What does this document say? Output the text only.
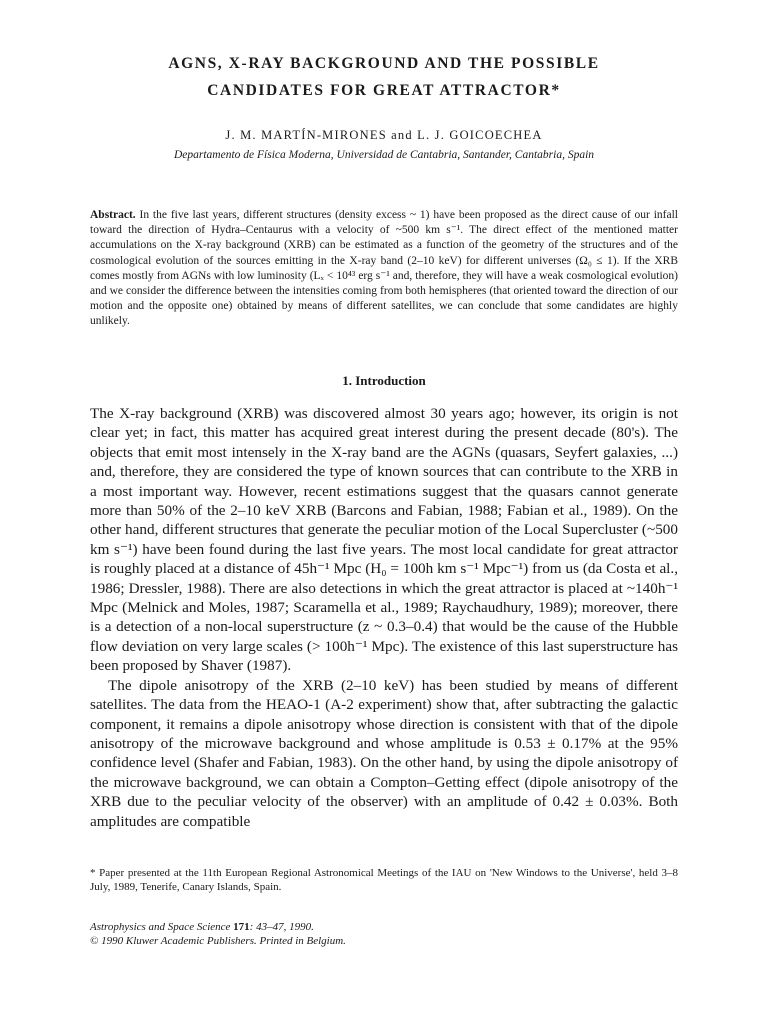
AGNS, X-RAY BACKGROUND AND THE POSSIBLE
CANDIDATES FOR GREAT ATTRACTOR*
J. M. MARTÍN-MIRONES and L. J. GOICOECHEA
Departamento de Física Moderna, Universidad de Cantabria, Santander, Cantabria, Spain
Abstract. In the five last years, different structures (density excess ~ 1) have been proposed as the direct cause of our infall toward the direction of Hydra–Centaurus with a velocity of ~500 km s⁻¹. The direct effect of the mentioned matter accumulations on the X-ray background (XRB) can be estimated as a function of the geometry of the structures and of the cosmological evolution of the sources emitting in the X-ray band (2–10 keV) for different universes (Ω₀ ≤ 1). If the XRB comes mostly from AGNs with low luminosity (Lₓ < 10⁴³ erg s⁻¹ and, therefore, they will have a weak cosmological evolution) and we consider the difference between the intensities coming from both hemispheres (that oriented toward the direction of our motion and the opposite one) obtained by means of different satellites, we can conclude that some candidates are highly unlikely.
1. Introduction

The X-ray background (XRB) was discovered almost 30 years ago; however, its origin is not clear yet; in fact, this matter has acquired great interest during the present decade (80's). The objects that emit most intensely in the X-ray band are the AGNs (quasars, Seyfert galaxies, ...) and, therefore, they are considered the type of known sources that can contribute to the XRB in a most important way. However, recent estimations suggest that the quasars cannot generate more than 50% of the 2–10 keV XRB (Barcons and Fabian, 1988; Fabian et al., 1989). On the other hand, different structures that generate the peculiar motion of the Local Supercluster (~500 km s⁻¹) have been found during the last five years. The most local candidate for great attractor is roughly placed at a distance of 45h⁻¹ Mpc (H₀ = 100h km s⁻¹ Mpc⁻¹) from us (da Costa et al., 1986; Dressler, 1988). There are also detections in which the great attractor is placed at ~140h⁻¹ Mpc (Melnick and Moles, 1987; Scaramella et al., 1989; Raychaudhury, 1989); moreover, there is a detection of a non-local superstructure (z ~ 0.3–0.4) that would be the cause of the Hubble flow deviation on very large scales (> 100h⁻¹ Mpc). The existence of this last superstructure has been proposed by Shaver (1987).

The dipole anisotropy of the XRB (2–10 keV) has been studied by means of different satellites. The data from the HEAO-1 (A-2 experiment) show that, after subtracting the galactic component, it remains a dipole anisotropy whose direction is consistent with that of the dipole anisotropy of the microwave background and whose amplitude is 0.53 ± 0.17% at the 95% confidence level (Shafer and Fabian, 1983). On the other hand, by using the dipole anisotropy of the microwave background, we can obtain a Compton–Getting effect (dipole anisotropy of the XRB due to the peculiar velocity of the observer) with an amplitude of 0.42 ± 0.03%. Both amplitudes are compatible

* Paper presented at the 11th European Regional Astronomical Meetings of the IAU on 'New Windows to the Universe', held 3–8 July, 1989, Tenerife, Canary Islands, Spain.
Astrophysics and Space Science 171: 43–47, 1990.
© 1990 Kluwer Academic Publishers. Printed in Belgium.
